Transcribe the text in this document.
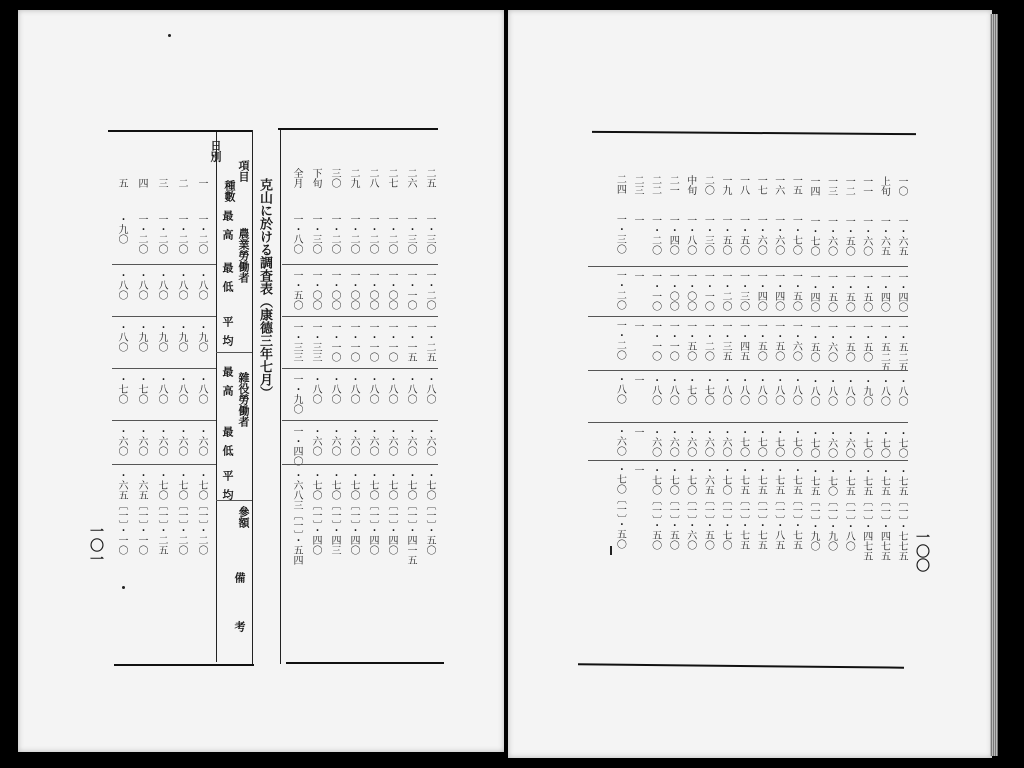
項目
日別
種數
農業勞働者
雜役勞働者
參額
備考
克山に於ける調査表（康德三年七月）
一〇一
最高
最低
平均
最高
最低
平均
二五
一・三〇
一・二〇
一・二五
・八〇
・六〇
・七〇〔一〕・五〇
二六
一・三〇
一・一〇
一・一五
・八〇
・六〇
・七〇〔一〕・四一五
二七
一・二〇
一・〇〇
一・一〇
・八〇
・六〇
・七〇〔一〕・四〇
二八
一・二〇
一・〇〇
一・一〇
・八〇
・六〇
・七〇〔一〕・四〇
二九
一・二〇
一・〇〇
一・一〇
・八〇
・六〇
・七〇〔一〕・四〇
三〇
一・二〇
一・〇〇
一・一〇
・八〇
・六〇
・七〇〔一〕・四三
下旬
一・三〇
一・〇〇
一・三三
・八〇
・六〇
・七〇〔一〕・四〇
全月
一・八〇
一・五〇
一・三三
一・九〇
一・四〇
・六八三〔一〕・五四
一
一・二〇
・八〇
・九〇
・八〇
・六〇
・七〇〔一〕・二〇
二
一・二〇
・八〇
・九〇
・八〇
・六〇
・七〇〔一〕・二〇
三
一・二〇
・八〇
・九〇
・八〇
・六〇
・七〇〔一〕・二五
四
一・二〇
・八〇
・九〇
・七〇
・六〇
・六五〔一〕・一〇
五
・九〇
・八〇
・八〇
・七〇
・六〇
・六五〔一〕・一〇	一〇〇
一〇
一・六五
一・四〇
一・五二五
・八〇
・七〇
・七五〔一〕・七七五
上旬
一・六五
一・四〇
一・五二五
・八〇
・七〇
・七五〔一〕・四七五
一一
一・六〇
一・五〇
一・五〇
・九〇
・七〇
・七五〔一〕・四七五
一二
一・五〇
一・五〇
一・五〇
・八〇
・六〇
・七五〔一〕・八〇
一三
一・六〇
一・五〇
一・六〇
・八〇
・六〇
・七〇〔一〕・九〇
一四
一・七〇
一・四〇
一・五〇
・八〇
・七〇
・七五〔一〕・九〇
一五
一・七〇
一・五〇
一・六〇
・八〇
・七〇
・七五〔一〕・七五
一六
一・六〇
一・四〇
一・五〇
・八〇
・七〇
・七五〔一〕・八五
一七
一・六〇
一・四〇
一・五〇
・八〇
・七〇
・七五〔一〕・七五
一八
一・五〇
一・三〇
一・四五
・八〇
・七〇
・七五〔一〕・七五
一九
一・五〇
一・二〇
一・三五
・八〇
・六〇
・七〇〔一〕・七〇
二〇
一・三〇
一・一〇
一・二〇
・七〇
・六〇
・六五〔一〕・五〇
中旬
一・八〇
一・〇〇
一・五〇
・七〇
・六〇
・七〇〔一〕・六〇
二一
一・四〇
一・〇〇
一・一〇
・八〇
・六〇
・七〇〔一〕・五〇
二二
一・二〇
一・一〇
一・一〇
・八〇
・六〇
・七〇〔一〕・五〇
二三
一
一
一
一
一
一
二四
一・三〇
一・二〇
一・二〇
・八〇
・六〇
・七〇〔一〕・五〇
